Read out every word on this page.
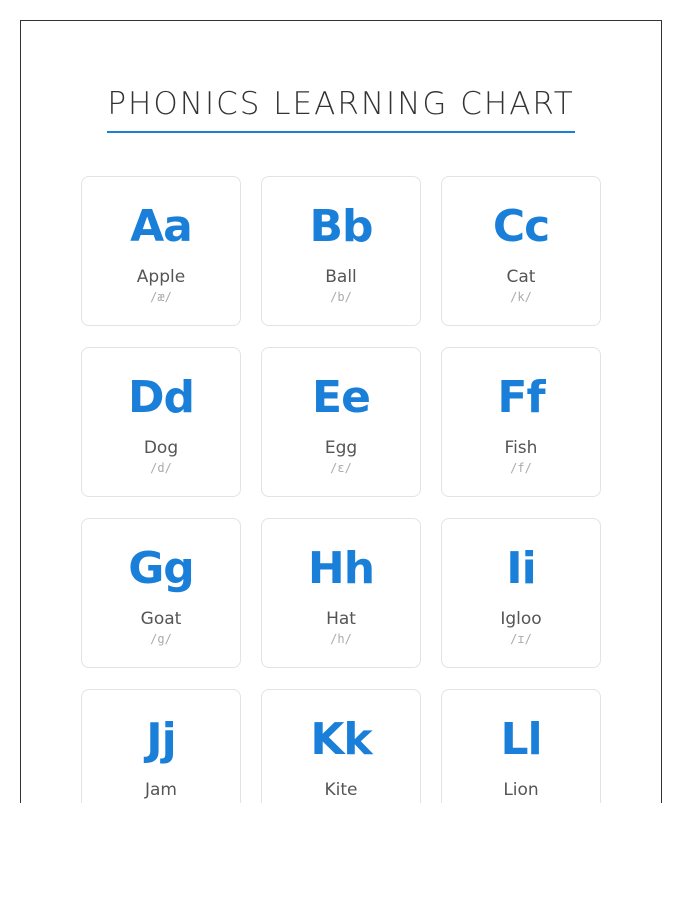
PHONICS LEARNING CHART
Aa
Apple
/æ/
Bb
Ball
/b/
Cc
Cat
/k/
Dd
Dog
/d/
Ee
Egg
/ɛ/
Ff
Fish
/f/
Gg
Goat
/g/
Hh
Hat
/h/
Ii
Igloo
/ɪ/
Jj
Jam
Kk
Kite
Ll
Lion
